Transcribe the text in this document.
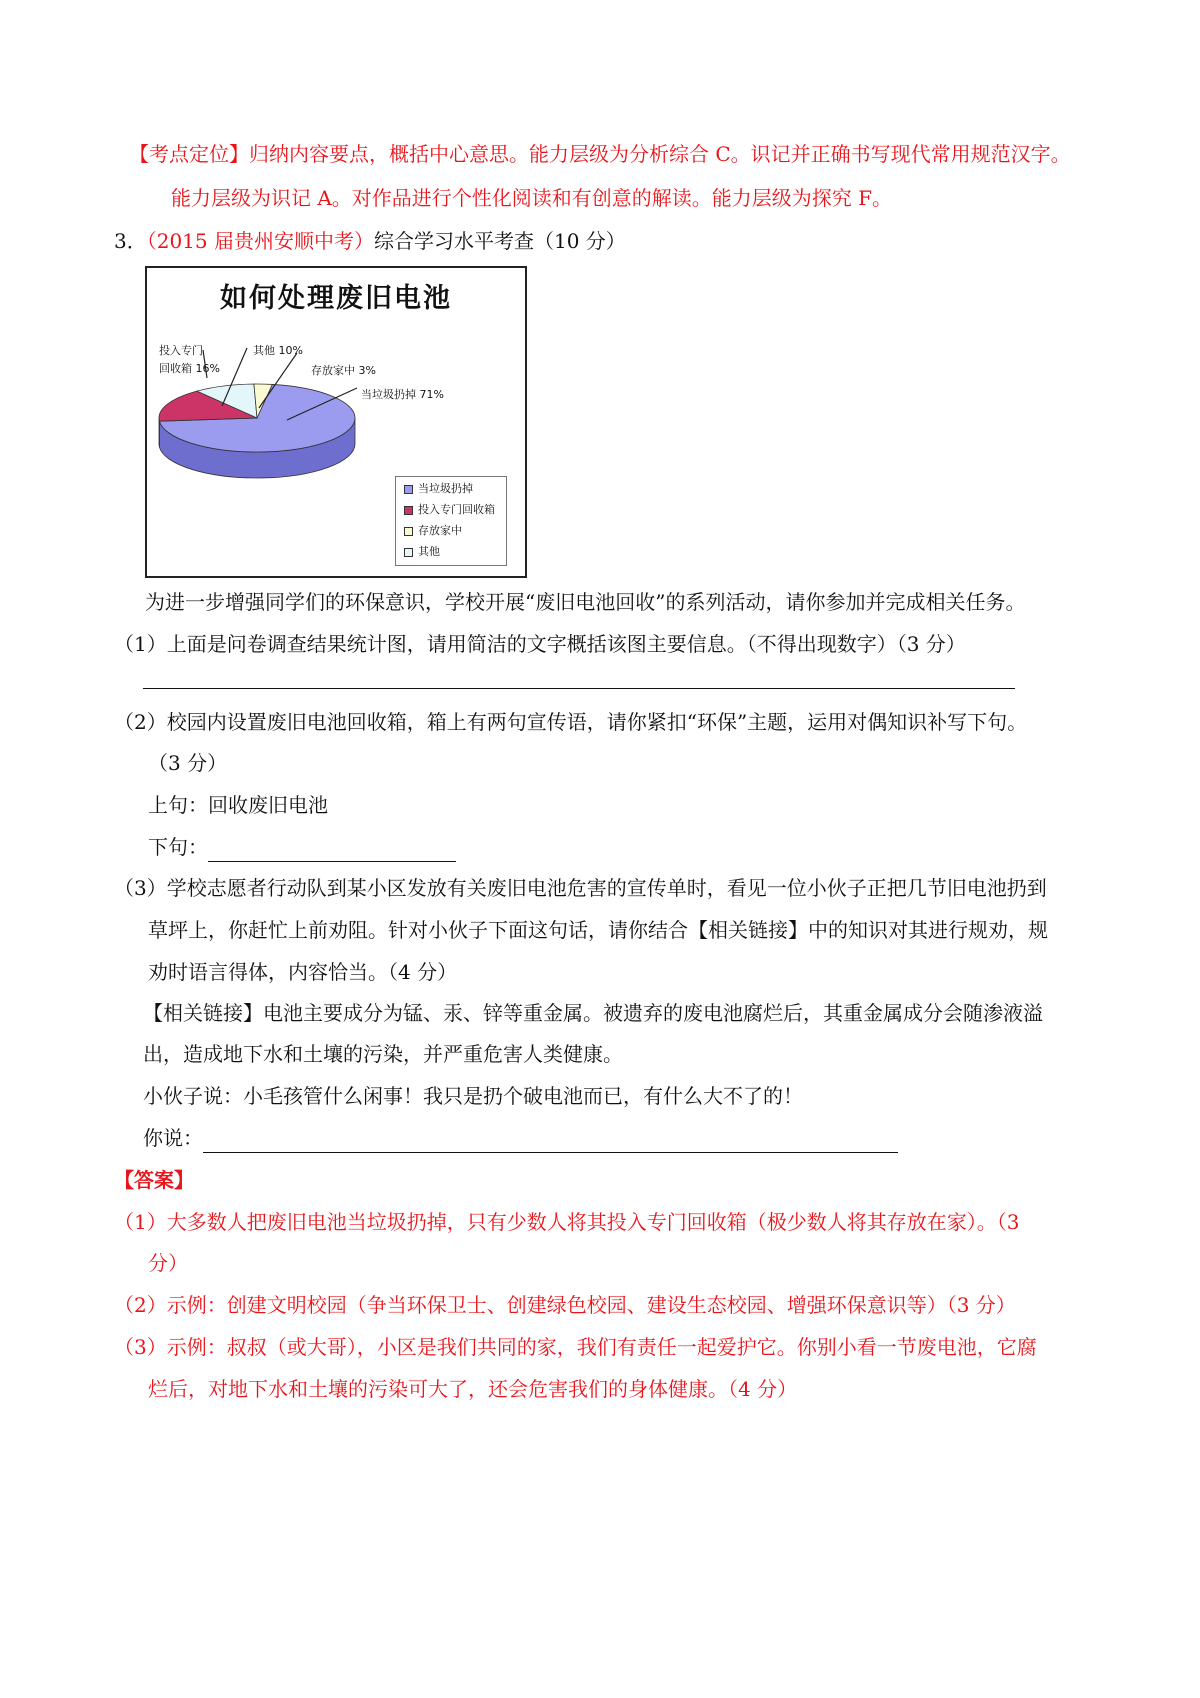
【考点定位】归纳内容要点，概括中心意思。能力层级为分析综合 C。识记并正确书写现代常用规范汉字。
能力层级为识记 A。对作品进行个性化阅读和有创意的解读。能力层级为探究 F。
3．（2015 届贵州安顺中考）综合学习水平考查（10 分）
如何处理废旧电池
投入专门
回收箱 16%
其他 10%
存放家中 3%
当垃圾扔掉 71%
当垃圾扔掉
投入专门回收箱
存放家中
其他
为进一步增强同学们的环保意识，学校开展“废旧电池回收”的系列活动，请你参加并完成相关任务。
（1）上面是问卷调查结果统计图，请用简洁的文字概括该图主要信息。（不得出现数字）（3 分）
（2）校园内设置废旧电池回收箱，箱上有两句宣传语，请你紧扣“环保”主题，运用对偶知识补写下句。
（3 分）
上句：回收废旧电池
下句：
（3）学校志愿者行动队到某小区发放有关废旧电池危害的宣传单时，看见一位小伙子正把几节旧电池扔到
草坪上，你赶忙上前劝阻。针对小伙子下面这句话，请你结合【相关链接】中的知识对其进行规劝，规
劝时语言得体，内容恰当。（4 分）
【相关链接】电池主要成分为锰、汞、锌等重金属。被遗弃的废电池腐烂后，其重金属成分会随渗液溢
出，造成地下水和土壤的污染，并严重危害人类健康。
小伙子说：小毛孩管什么闲事！我只是扔个破电池而已，有什么大不了的！
你说：
【答案】
（1）大多数人把废旧电池当垃圾扔掉，只有少数人将其投入专门回收箱（极少数人将其存放在家）。（3
分）
（2）示例：创建文明校园（争当环保卫士、创建绿色校园、建设生态校园、增强环保意识等）（3 分）
（3）示例：叔叔（或大哥），小区是我们共同的家，我们有责任一起爱护它。你别小看一节废电池，它腐
烂后，对地下水和土壤的污染可大了，还会危害我们的身体健康。（4 分）
